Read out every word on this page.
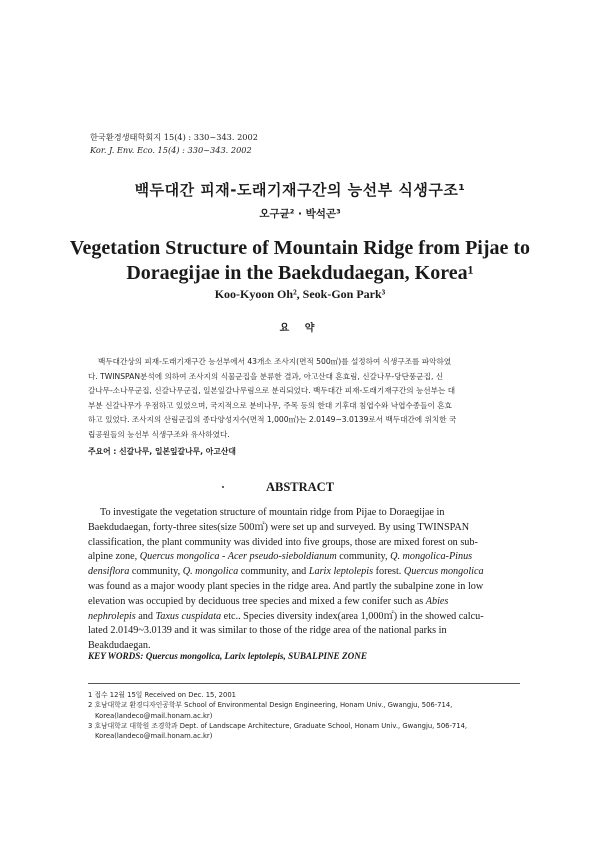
한국환경생태학회지 15(4) : 330~343. 2002
Kor. J. Env. Eco. 15(4) : 330~343. 2002
백두대간 피재-도래기재구간의 능선부 식생구조¹
오구균² · 박석곤³
Vegetation Structure of Mountain Ridge from Pijae to
Doraegijae in the Baekdudaegan, Korea¹
Koo-Kyoon Oh², Seok-Gon Park³
요 약
백두대간상의 피재-도래기재구간 능선부에서 43개소 조사지(면적 500㎡)를 설정하여 식생구조를 파악하였
다. TWINSPAN분석에 의하여 조사지의 식물군집을 분류한 결과, 아고산대 혼효림, 신갈나무-당단풍군집, 신
갈나무-소나무군집, 신갈나무군집, 일본잎갈나무림으로 분리되었다. 백두대간 피재-도래기재구간의 능선부는 대
부분 신갈나무가 우점하고 있었으며, 국지적으로 분비나무, 주목 등의 한대 기후대 침엽수와 낙엽수종들이 혼효
하고 있었다. 조사지의 산림군집의 종다양성지수(면적 1,000㎡)는 2.0149~3.0139로서 백두대간에 위치한 국
립공원들의 능선부 식생구조와 유사하였다.
주요어 : 신갈나무, 일본잎갈나무, 아고산대
ABSTRACT
To investigate the vegetation structure of mountain ridge from Pijae to Doraegijae in
Baekdudaegan, forty-three sites(size 500㎡) were set up and surveyed. By using TWINSPAN
classification, the plant community was divided into five groups, those are mixed forest on sub-
alpine zone, Quercus mongolica - Acer pseudo-sieboldianum community, Q. mongolica-Pinus
densiflora community, Q. mongolica community, and Larix leptolepis forest. Quercus mongolica
was found as a major woody plant species in the ridge area. And partly the subalpine zone in low
elevation was occupied by deciduous tree species and mixed a few conifer such as Abies
nephrolepis and Taxus cuspidata etc.. Species diversity index(area 1,000㎡) in the showed calcu-
lated 2.0149~3.0139 and it was similar to those of the ridge area of the national parks in
Beakdudaegan.
KEY WORDS: Quercus mongolica, Larix leptolepis, SUBALPINE ZONE
1 접수 12월 15일 Received on Dec. 15, 2001
2 호남대학교 환경디자인공학부 School of Environmental Design Engineering, Honam Univ., Gwangju, 506-714,
Korea(landeco@mail.honam.ac.kr)
3 호남대학교 대학원 조경학과 Dept. of Landscape Architecture, Graduate School, Honam Univ., Gwangju, 506-714,
Korea(landeco@mail.honam.ac.kr)
